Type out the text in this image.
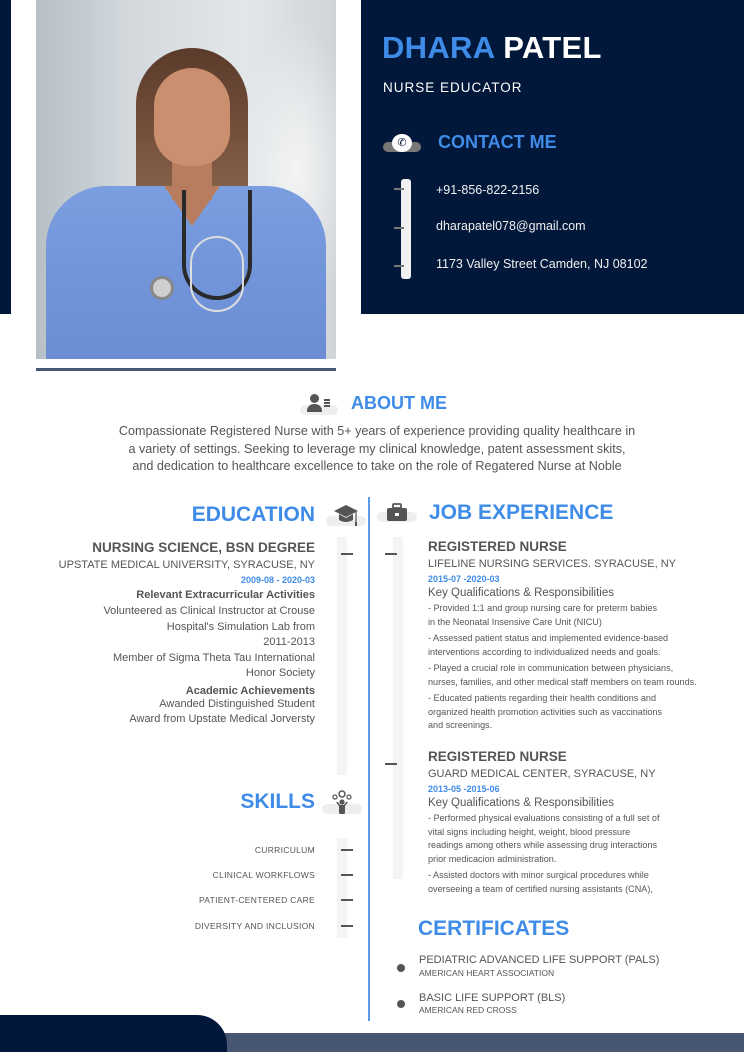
DHARA PATEL
NURSE EDUCATOR
✆ CONTACT ME
+91-856-822-2156
dharapatel078@gmail.com
1173 Valley Street Camden, NJ 08102
ABOUT ME
Compassionate Registered Nurse with 5+ years of experience providing quality healthcare in
a variety of settings. Seeking to leverage my clinical knowledge, patent assessment skits,
and dedication to healthcare excellence to take on the role of Regatered Nurse at Noble
EDUCATION
NURSING SCIENCE, BSN DEGREE
UPSTATE MEDICAL UNIVERSITY, SYRACUSE, NY
2009-08 - 2020-03
Relevant Extracurricular Activities
Volunteered as Clinical Instructor at Crouse
Hospital's Simulation Lab from
2011-2013
Member of Sigma Theta Tau International
Honor Society
Academic Achievements
Awanded Distinguished Student
Award from Upstate Medical Jorversty
SKILLS
CURRICULUM
CLINICAL WORKFLOWS
PATIENT-CENTERED CARE
DIVERSITY AND INCLUSION
JOB EXPERIENCE
REGISTERED NURSE
LIFELINE NURSING SERVICES. SYRACUSE, NY
2015-07 -2020-03
Key Qualifications & Responsibilities
- Provided 1:1 and group nursing care for preterm babies
in the Neonatal Insensive Care Unit (NICU)
- Assessed patient status and implemented evidence-based
interventions according to individualized needs and goals.
- Played a crucial role in communication between physicians,
nurses, families, and other medical staff members on team rounds.
- Educated patients regarding their health conditions and
organized health promotion activities such as vaccinations
and screenings.
REGISTERED NURSE
GUARD MEDICAL CENTER, SYRACUSE, NY
2013-05 -2015-06
Key Qualifications & Responsibilities
- Performed physical evaluations consisting of a full set of
vital signs including height, weight, blood pressure
readings among others while assessing drug interactions
prior medicacion administration.
- Assisted doctors with minor surgical procedures while
overseeing a team of certified nursing assistants (CNA),
CERTIFICATES
PEDIATRIC ADVANCED LIFE SUPPORT (PALS)
AMERICAN HEART ASSOCIATION
BASIC LIFE SUPPORT (BLS)
AMERICAN RED CROSS
